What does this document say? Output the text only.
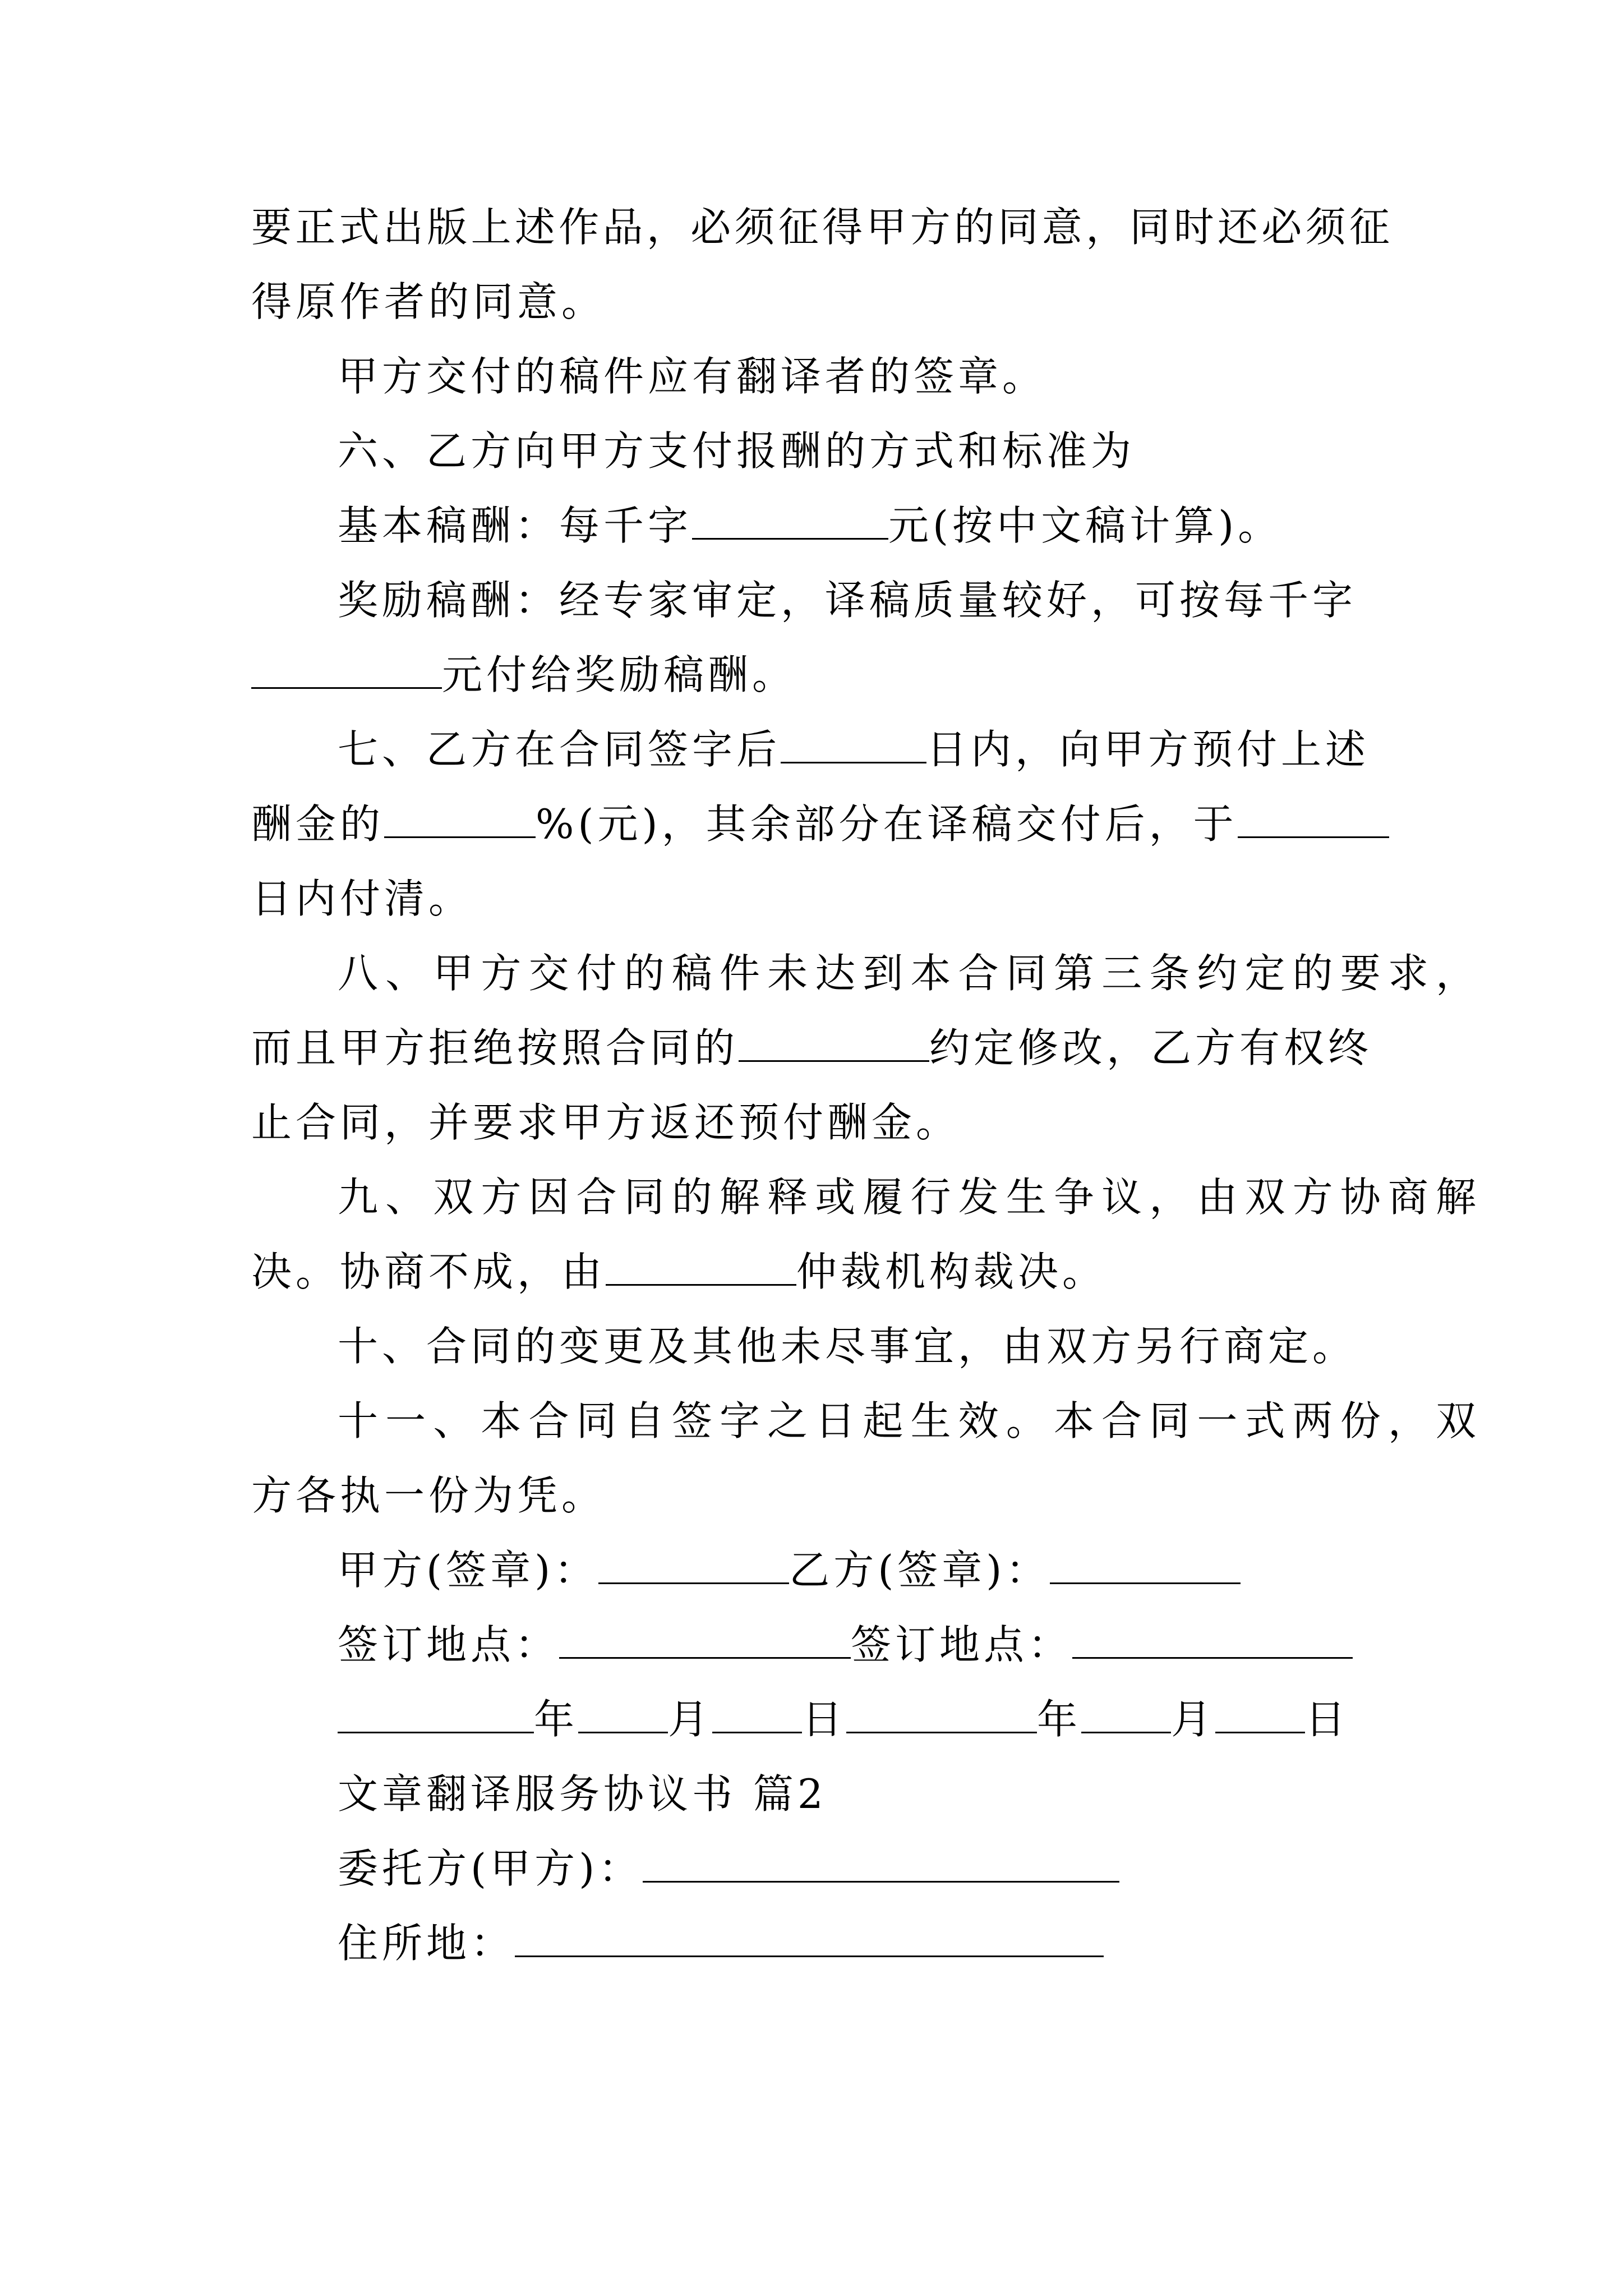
要正式出版上述作品，必须征得甲方的同意，同时还必须征
得原作者的同意。
甲方交付的稿件应有翻译者的签章。
六、乙方向甲方支付报酬的方式和标准为
基本稿酬：每千字	元(按中文稿计算)。
奖励稿酬：经专家审定，译稿质量较好，可按每千字
元付给奖励稿酬。
七、乙方在合同签字后	日内，向甲方预付上述
酬金的	%(元)，其余部分在译稿交付后，于
日内付清。
八、甲方交付的稿件未达到本合同第三条约定的要求，
而且甲方拒绝按照合同的	约定修改，乙方有权终
止合同，并要求甲方返还预付酬金。
九、双方因合同的解释或履行发生争议，由双方协商解
决。协商不成，由	仲裁机构裁决。
十、合同的变更及其他未尽事宜，由双方另行商定。
十一、本合同自签字之日起生效。本合同一式两份，双
方各执一份为凭。
甲方(签章)：	乙方(签章)：
签订地点：	签订地点：
年 月 日	年 月 日
文章翻译服务协议书 篇2
委托方(甲方)：
住所地：
